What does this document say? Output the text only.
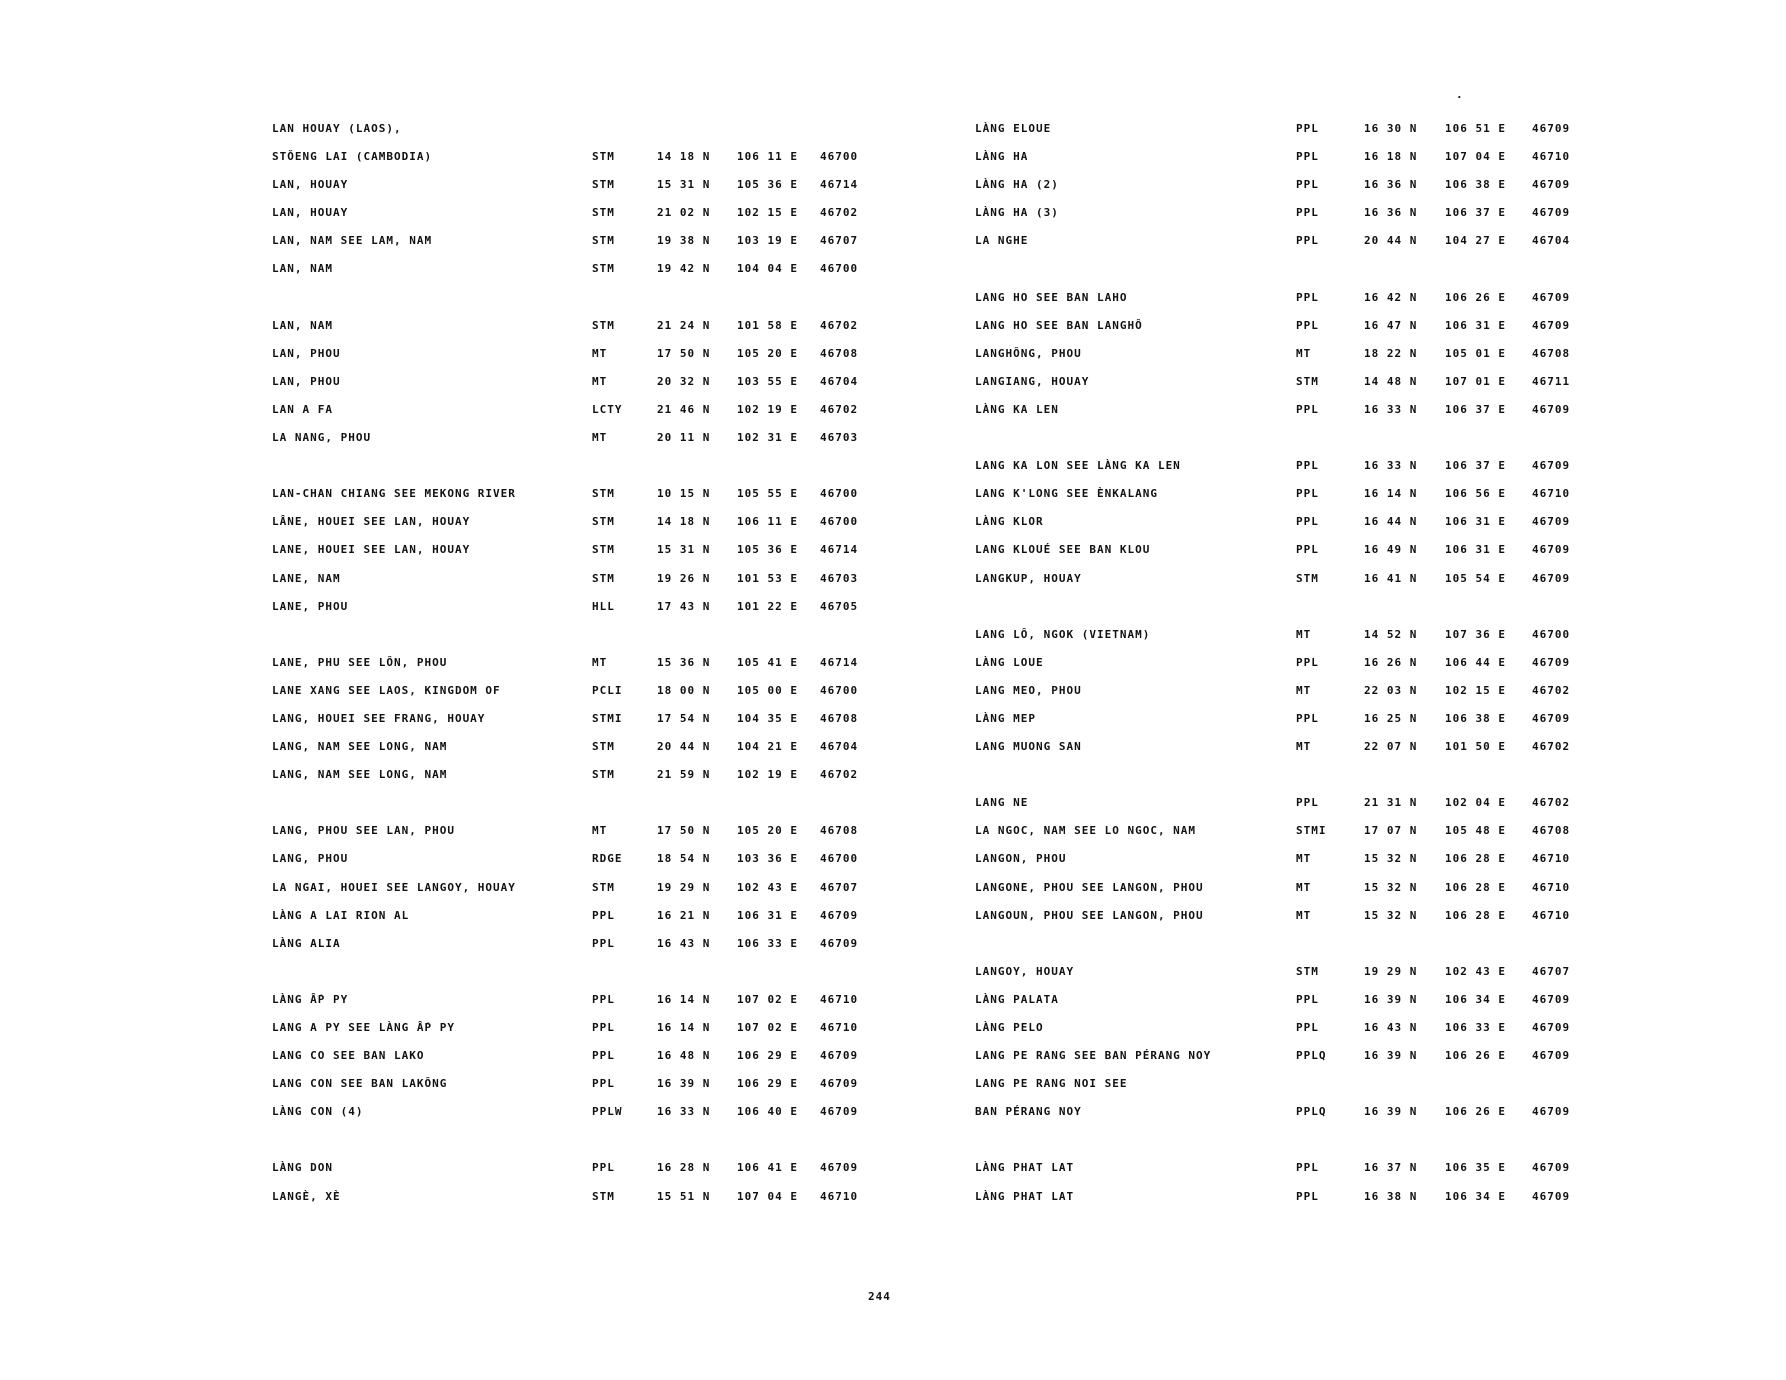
.
LAN HOUAY (LAOS),
STŎENG LAI (CAMBODIA)	STM	14 18 N 106 11 E 46700
LAN, HOUAY	STM	15 31 N 105 36 E 46714
LAN, HOUAY	STM	21 02 N 102 15 E 46702
LAN, NAM SEE LAM, NAM	STM	19 38 N 103 19 E 46707
LAN, NAM	STM	19 42 N 104 04 E 46700
LAN, NAM	STM	21 24 N 101 58 E 46702
LAN, PHOU	MT	17 50 N 105 20 E 46708
LAN, PHOU	MT	20 32 N 103 55 E 46704
LAN A FA	LCTY	21 46 N 102 19 E 46702
LA NANG, PHOU	MT	20 11 N 102 31 E 46703
LAN-CHAN CHIANG SEE MEKONG RIVER	STM	10 15 N 105 55 E 46700
LÂNE, HOUEI SEE LAN, HOUAY	STM	14 18 N 106 11 E 46700
LANE, HOUEI SEE LAN, HOUAY	STM	15 31 N 105 36 E 46714
LANE, NAM	STM	19 26 N 101 53 E 46703
LANE, PHOU	HLL	17 43 N 101 22 E 46705
LANE, PHU SEE LÔN, PHOU	MT	15 36 N 105 41 E 46714
LANE XANG SEE LAOS, KINGDOM OF	PCLI	18 00 N 105 00 E 46700
LANG, HOUEI SEE FRANG, HOUAY	STMI	17 54 N 104 35 E 46708
LANG, NAM SEE LONG, NAM	STM	20 44 N 104 21 E 46704
LANG, NAM SEE LONG, NAM	STM	21 59 N 102 19 E 46702
LANG, PHOU SEE LAN, PHOU	MT	17 50 N 105 20 E 46708
LANG, PHOU	RDGE	18 54 N 103 36 E 46700
LA NGAI, HOUEI SEE LANGOY, HOUAY	STM	19 29 N 102 43 E 46707
LÀNG A LAI RION AL	PPL	16 21 N 106 31 E 46709
LÀNG ALIA	PPL	16 43 N 106 33 E 46709
LÀNG ẤP PY	PPL	16 14 N 107 02 E 46710
LANG A PY SEE LÀNG ẤP PY	PPL	16 14 N 107 02 E 46710
LANG CO SEE BAN LAKO	PPL	16 48 N 106 29 E 46709
LANG CON SEE BAN LAKÔNG	PPL	16 39 N 106 29 E 46709
LÀNG CON (4)	PPLW	16 33 N 106 40 E 46709
LÀNG DON	PPL	16 28 N 106 41 E 46709
LANGÈ, XÈ	STM	15 51 N 107 04 E 46710
LÀNG ELOUE	PPL	16 30 N	106 51 E 46709
LÀNG HA	PPL	16 18 N	107 04 E 46710
LÀNG HA (2)	PPL	16 36 N	106 38 E 46709
LÀNG HA (3)	PPL	16 36 N	106 37 E 46709
LA NGHE	PPL	20 44 N	104 27 E 46704
LANG HO SEE BAN LAHO	PPL	16 42 N	106 26 E 46709
LANG HO SEE BAN LANGHÔ	PPL	16 47 N	106 31 E 46709
LANGHÔNG, PHOU	MT	18 22 N	105 01 E 46708
LANGIANG, HOUAY	STM	14 48 N	107 01 E 46711
LÀNG KA LEN	PPL	16 33 N	106 37 E 46709
LANG KA LON SEE LÀNG KA LEN	PPL	16 33 N	106 37 E 46709
LANG K'LONG SEE ÈNKALANG	PPL	16 14 N	106 56 E 46710
LÀNG KLOR	PPL	16 44 N	106 31 E 46709
LANG KLOUÉ SEE BAN KLOU	PPL	16 49 N	106 31 E 46709
LANGKUP, HOUAY	STM	16 41 N	105 54 E 46709
LANG LÔ, NGOK (VIETNAM)	MT	14 52 N	107 36 E 46700
LÀNG LOUE	PPL	16 26 N	106 44 E 46709
LANG MEO, PHOU	MT	22 03 N	102 15 E 46702
LÀNG MEP	PPL	16 25 N	106 38 E 46709
LANG MUONG SAN	MT	22 07 N	101 50 E 46702
LANG NE	PPL	21 31 N	102 04 E 46702
LA NGOC, NAM SEE LO NGOC, NAM	STMI	17 07 N	105 48 E 46708
LANGON, PHOU	MT	15 32 N	106 28 E 46710
LANGONE, PHOU SEE LANGON, PHOU	MT	15 32 N	106 28 E 46710
LANGOUN, PHOU SEE LANGON, PHOU	MT	15 32 N	106 28 E 46710
LANGOY, HOUAY	STM	19 29 N	102 43 E 46707
LÀNG PALATA	PPL	16 39 N	106 34 E 46709
LÀNG PELO	PPL	16 43 N	106 33 E 46709
LANG PE RANG SEE BAN PÉRANG NOY	PPLQ	16 39 N	106 26 E 46709
LANG PE RANG NOI SEE
BAN PÉRANG NOY	PPLQ	16 39 N	106 26 E 46709
LÀNG PHAT LAT	PPL	16 37 N	106 35 E 46709
LÀNG PHAT LAT	PPL	16 38 N	106 34 E 46709
244
